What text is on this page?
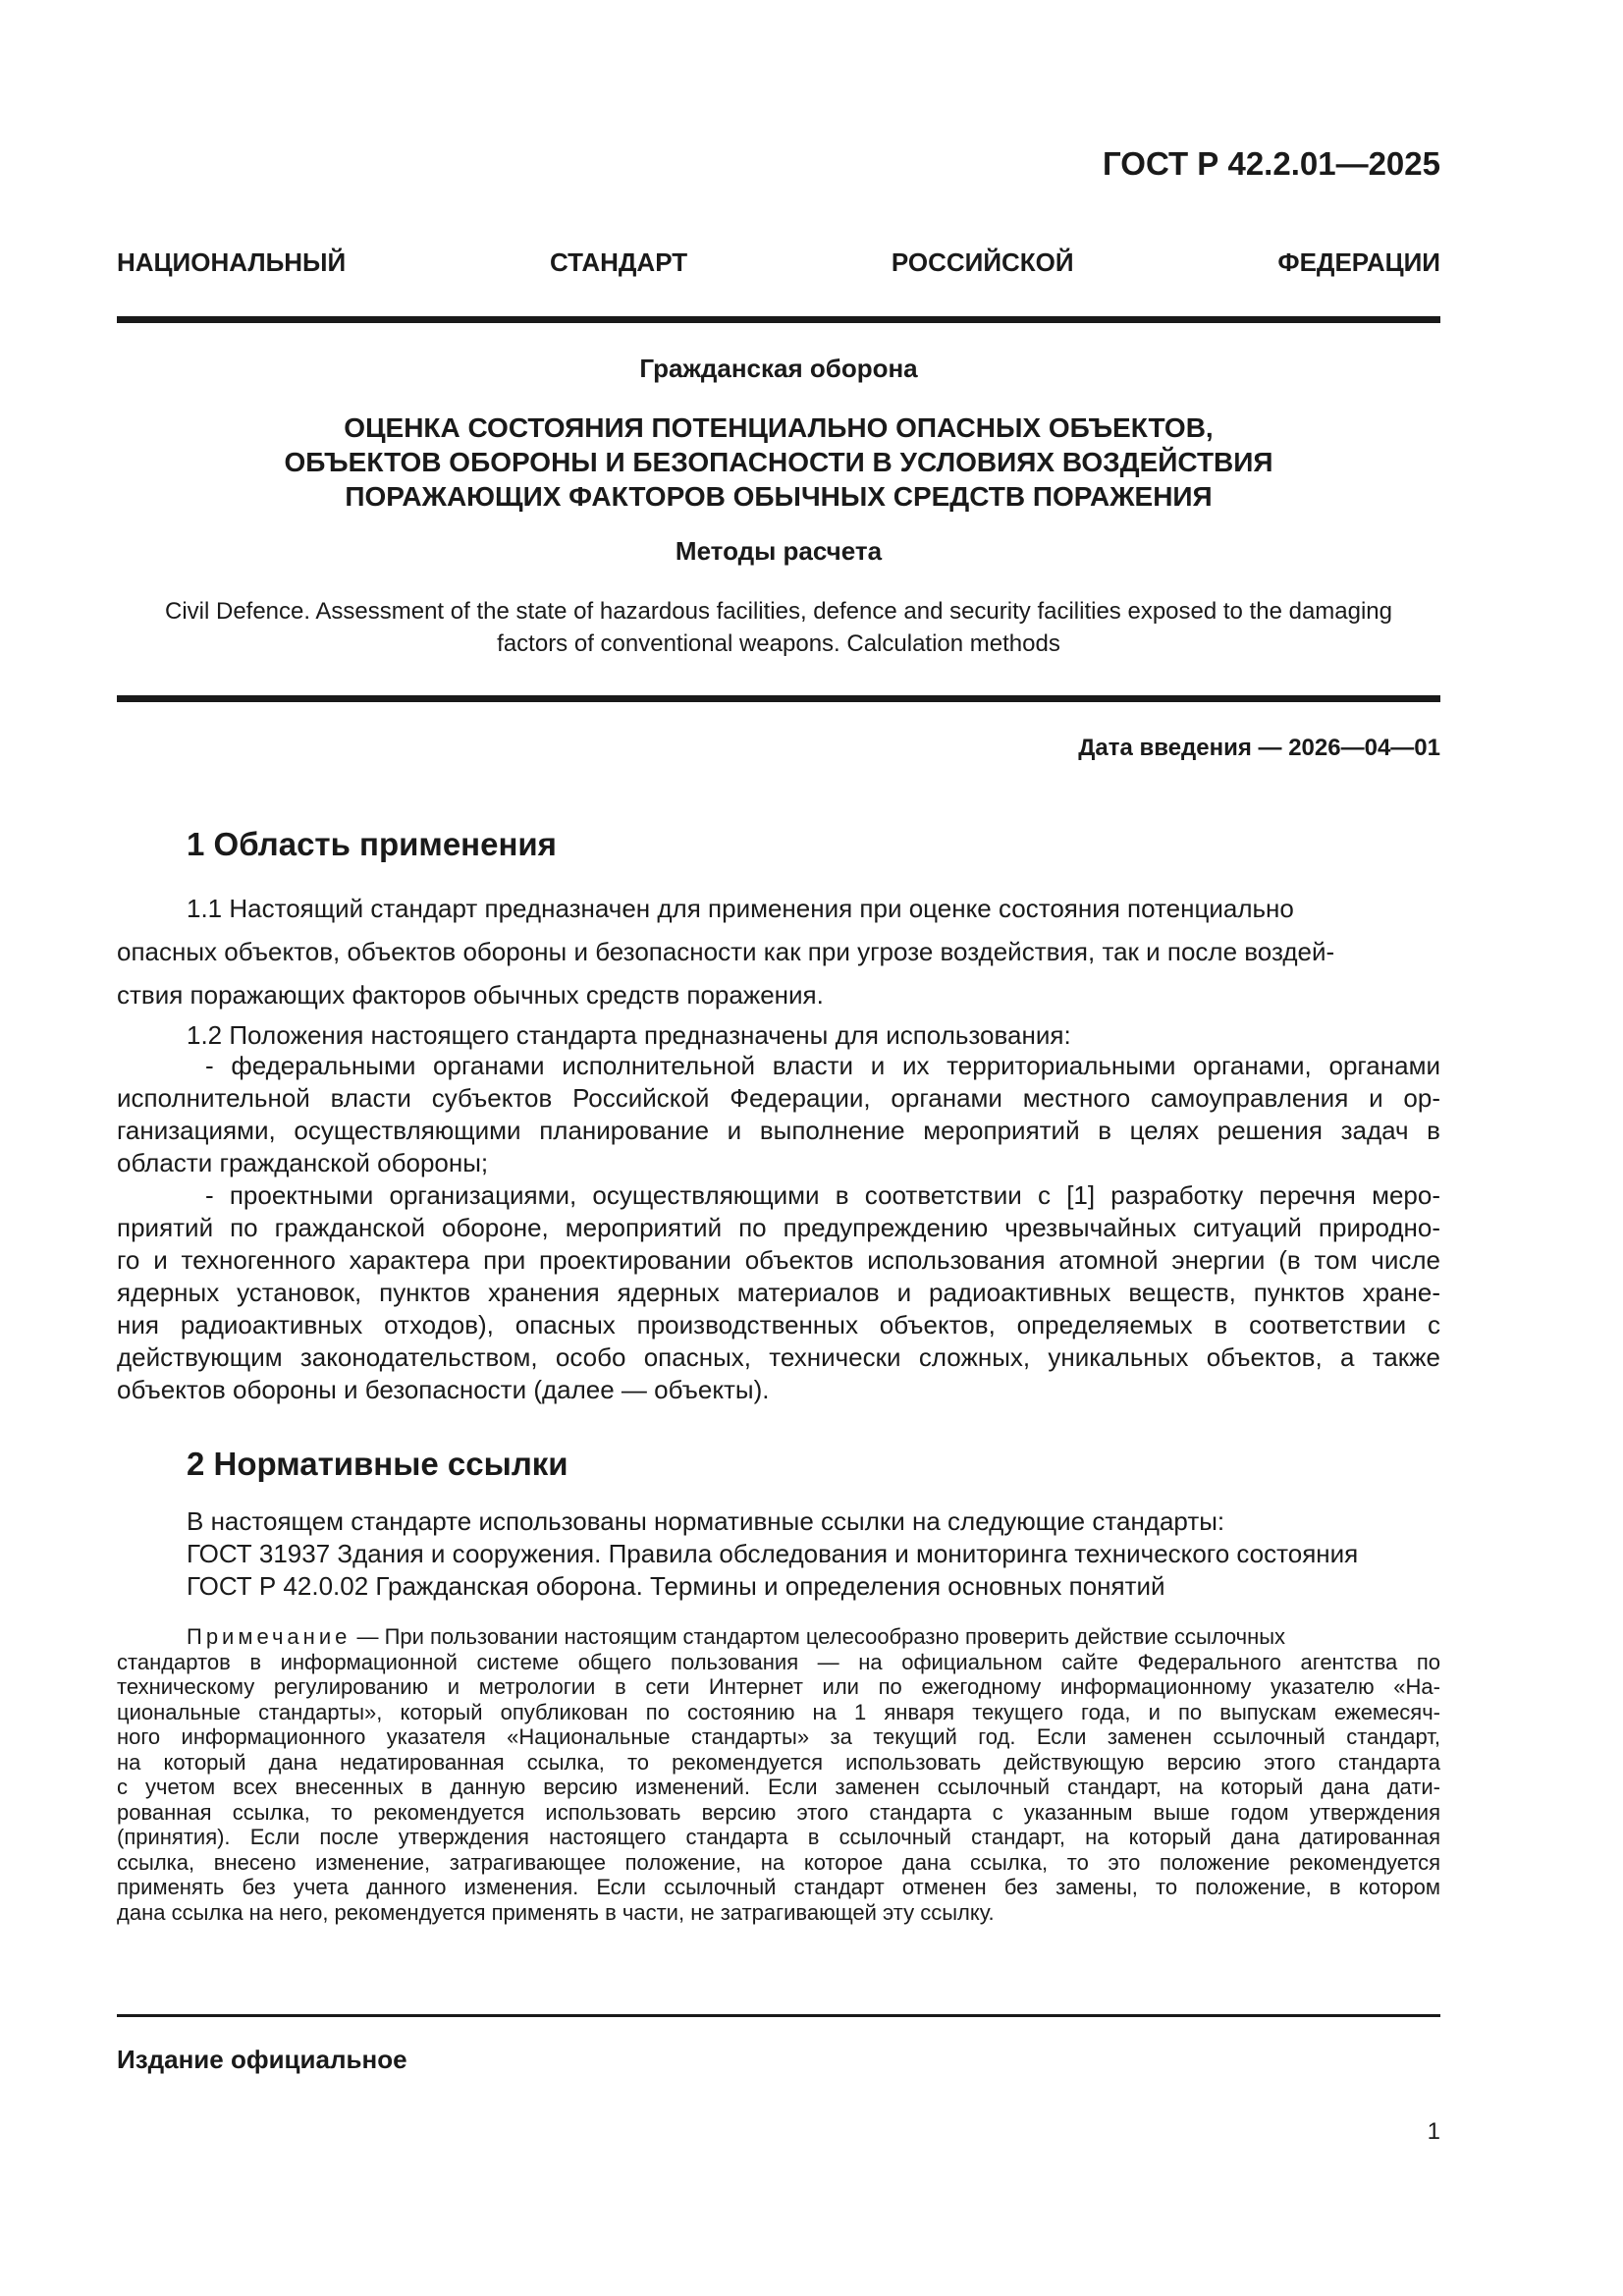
ГОСТ Р 42.2.01—2025
НАЦИОНАЛЬНЫЙ СТАНДАРТ РОССИЙСКОЙ ФЕДЕРАЦИИ
Гражданская оборона
ОЦЕНКА СОСТОЯНИЯ ПОТЕНЦИАЛЬНО ОПАСНЫХ ОБЪЕКТОВ,
ОБЪЕКТОВ ОБОРОНЫ И БЕЗОПАСНОСТИ В УСЛОВИЯХ ВОЗДЕЙСТВИЯ
ПОРАЖАЮЩИХ ФАКТОРОВ ОБЫЧНЫХ СРЕДСТВ ПОРАЖЕНИЯ
Методы расчета
Civil Defence. Assessment of the state of hazardous facilities, defence and security facilities exposed to the damaging
factors of conventional weapons. Calculation methods
Дата введения — 2026—04—01
1 Область применения
1.1 Настоящий стандарт предназначен для применения при оценке состояния потенциально
опасных объектов, объектов обороны и безопасности как при угрозе воздействия, так и после воздей-
ствия поражающих факторов обычных средств поражения.
1.2 Положения настоящего стандарта предназначены для использования:
- федеральными органами исполнительной власти и их территориальными органами, органами
исполнительной власти субъектов Российской Федерации, органами местного самоуправления и ор-
ганизациями, осуществляющими планирование и выполнение мероприятий в целях решения задач в
области гражданской обороны;
- проектными организациями, осуществляющими в соответствии с [1] разработку перечня меро-
приятий по гражданской обороне, мероприятий по предупреждению чрезвычайных ситуаций природно-
го и техногенного характера при проектировании объектов использования атомной энергии (в том числе
ядерных установок, пунктов хранения ядерных материалов и радиоактивных веществ, пунктов хране-
ния радиоактивных отходов), опасных производственных объектов, определяемых в соответствии с
действующим законодательством, особо опасных, технически сложных, уникальных объектов, а также
объектов обороны и безопасности (далее — объекты).
2 Нормативные ссылки
В настоящем стандарте использованы нормативные ссылки на следующие стандарты:
ГОСТ 31937 Здания и сооружения. Правила обследования и мониторинга технического состояния
ГОСТ Р 42.0.02 Гражданская оборона. Термины и определения основных понятий
Примечание — При пользовании настоящим стандартом целесообразно проверить действие ссылочных
стандартов в информационной системе общего пользования — на официальном сайте Федерального агентства по
техническому регулированию и метрологии в сети Интернет или по ежегодному информационному указателю «На-
циональные стандарты», который опубликован по состоянию на 1 января текущего года, и по выпускам ежемесяч-
ного информационного указателя «Национальные стандарты» за текущий год. Если заменен ссылочный стандарт,
на который дана недатированная ссылка, то рекомендуется использовать действующую версию этого стандарта
с учетом всех внесенных в данную версию изменений. Если заменен ссылочный стандарт, на который дана дати-
рованная ссылка, то рекомендуется использовать версию этого стандарта с указанным выше годом утверждения
(принятия). Если после утверждения настоящего стандарта в ссылочный стандарт, на который дана датированная
ссылка, внесено изменение, затрагивающее положение, на которое дана ссылка, то это положение рекомендуется
применять без учета данного изменения. Если ссылочный стандарт отменен без замены, то положение, в котором
дана ссылка на него, рекомендуется применять в части, не затрагивающей эту ссылку.
Издание официальное
1
